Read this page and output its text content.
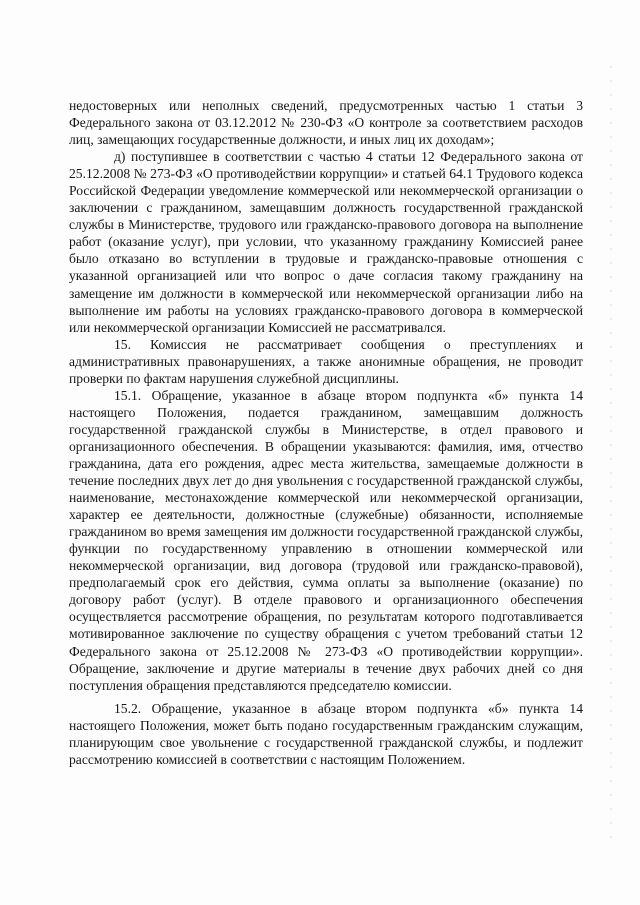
недостоверных или неполных сведений, предусмотренных частью 1 статьи 3 Федерального закона от 03.12.2012 № 230-ФЗ «О контроле за соответствием расходов лиц, замещающих государственные должности, и иных лиц их доходам»;

д) поступившее в соответствии с частью 4 статьи 12 Федерального закона от 25.12.2008 № 273-ФЗ «О противодействии коррупции» и статьей 64.1 Трудового кодекса Российской Федерации уведомление коммерческой или некоммерческой организации о заключении с гражданином, замещавшим должность государственной гражданской службы в Министерстве, трудового или гражданско-правового договора на выполнение работ (оказание услуг), при условии, что указанному гражданину Комиссией ранее было отказано во вступлении в трудовые и гражданско-правовые отношения с указанной организацией или что вопрос о даче согласия такому гражданину на замещение им должности в коммерческой или некоммерческой организации либо на выполнение им работы на условиях гражданско-правового договора в коммерческой или некоммерческой организации Комиссией не рассматривался.

15. Комиссия не рассматривает сообщения о преступлениях и административных правонарушениях, а также анонимные обращения, не проводит проверки по фактам нарушения служебной дисциплины.

15.1. Обращение, указанное в абзаце втором подпункта «б» пункта 14 настоящего Положения, подается гражданином, замещавшим должность государственной гражданской службы в Министерстве, в отдел правового и организационного обеспечения. В обращении указываются: фамилия, имя, отчество гражданина, дата его рождения, адрес места жительства, замещаемые должности в течение последних двух лет до дня увольнения с государственной гражданской службы, наименование, местонахождение коммерческой или некоммерческой организации, характер ее деятельности, должностные (служебные) обязанности, исполняемые гражданином во время замещения им должности государственной гражданской службы, функции по государственному управлению в отношении коммерческой или некоммерческой организации, вид договора (трудовой или гражданско-правовой), предполагаемый срок его действия, сумма оплаты за выполнение (оказание) по договору работ (услуг). В отделе правового и организационного обеспечения осуществляется рассмотрение обращения, по результатам которого подготавливается мотивированное заключение по существу обращения с учетом требований статьи 12 Федерального закона от 25.12.2008 № 273-ФЗ «О противодействии коррупции». Обращение, заключение и другие материалы в течение двух рабочих дней со дня поступления обращения представляются председателю комиссии.

15.2. Обращение, указанное в абзаце втором подпункта «б» пункта 14 настоящего Положения, может быть подано государственным гражданским служащим, планирующим свое увольнение с государственной гражданской службы, и подлежит рассмотрению комиссией в соответствии с настоящим Положением.
